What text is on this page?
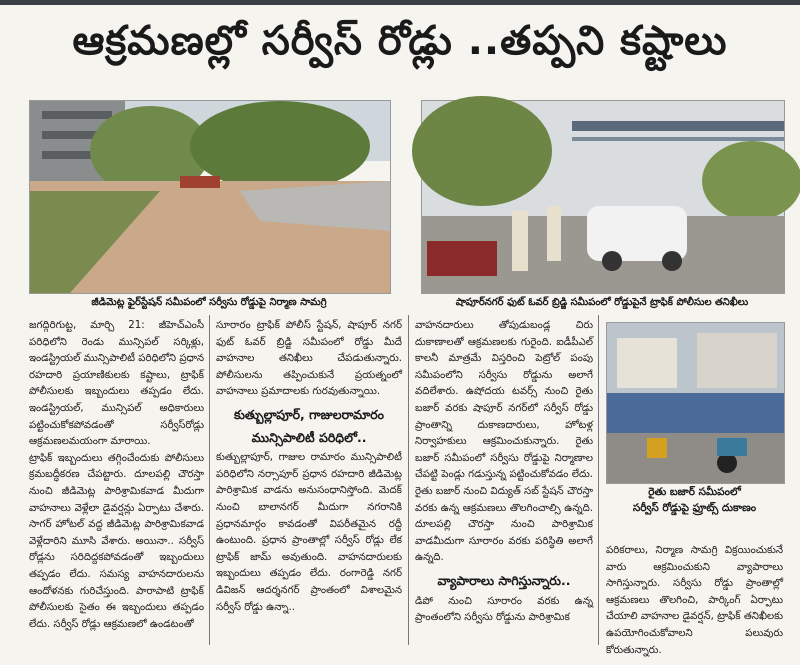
ఆక్రమణల్లో సర్వీస్ రోడ్లు ..తప్పని కష్టాలు
జీడిమెట్ల ఫైర్‌స్టేషన్ సమీపంలో సర్వీసు రోడ్డుపై నిర్మాణ సామగ్రి	షాపూర్‌నగర్ ఫుట్ ఓవర్ బ్రిడ్జి సమీపంలో రోడ్డుపైనే ట్రాఫిక్ పోలీసుల తనిఖీలు

జగద్గిరిగుట్ట, మార్చి 21: జీహెచ్ఎంసీ పరిధిలోని రెండు మున్సిపల్ సర్కిళ్లు, ఇండస్ట్రియల్ మున్సిపాలిటీ పరిధిలోని ప్రధాన రహదారి ప్రయాణికులకు కష్టాలు, ట్రాఫిక్ పోలీసులకు ఇబ్బందులు తప్పడం లేదు. ఇండస్ట్రియల్, మున్సిపల్ అధికారులు పట్టించుకోకపోవడంతో సర్వీస్‌రోడ్లు ఆక్రమణలమయంగా మారాయి.

ట్రాఫిక్ ఇబ్బందులు తగ్గించేందుకు పోలీసులు క్రమబద్ధీకరణ చేపట్టారు. దూలపల్లి చౌరస్తా నుంచి జీడిమెట్ల పారిశ్రామికవాడ మీదుగా వాహనాలు వెళ్లేలా డైవర్షన్లు ఏర్పాటు చేశారు. సాగర్ హోటల్ వద్ద జీడిమెట్ల పారిశ్రామికవాడ వెళ్లేదారిని మూసి వేశారు. అయినా.. సర్వీస్ రోడ్లను సరిదిద్దకపోవడంతో ఇబ్బందులు తప్పడం లేదు. సమస్య వాహనదారులను ఆందోళనకు గురిచేస్తుంది. పారాపాటి ట్రాఫిక్ పోలీసులకు సైతం ఈ ఇబ్బందులు తప్పడం లేదు. సర్వీస్ రోడ్లు ఆక్రమణలో ఉండటంతో

సూరారం ట్రాఫిక్ పోలీస్ స్టేషన్, షాపూర్ నగర్ ఫుట్ ఓవర్ బ్రిడ్జి సమీపంలో రోడ్డు మీదే వాహనాల తనిఖీలు చేపడుతున్నారు. పోలీసులను తప్పించుకునే ప్రయత్నంలో వాహనాలు ప్రమాదాలకు గురవుతున్నాయి.

కుత్బుల్లాపూర్, గాజులరామారం
మున్సిపాలిటీ పరిధిలో..

కుత్బుల్లాపూర్, గాజుల రామారం మున్సిపాలిటీ పరిధిలోని నర్సాపూర్ ప్రధాన రహదారి జీడిమెట్ల పారిశ్రామిక వాడను అనుసంధానిస్తోంది. మెదక్ నుంచి బాలానగర్ మీదుగా నగరానికి ప్రధానమార్గం కావడంతో విపరీతమైన రద్దీ ఉంటుంది. ప్రధాన ప్రాంతాల్లో సర్వీస్ రోడ్లు లేక ట్రాఫిక్ జామ్ అవుతుంది. వాహనదారులకు ఇబ్బందులు తప్పడం లేదు. రంగారెడ్డి నగర్ డివిజన్ ఆదర్శనగర్ ప్రాంతంలో విశాలమైన సర్వీస్ రోడ్డు ఉన్నా..

వాహనదారులు తోపుడుబండ్ల చిరు దుకాణాలతో ఆక్రమణలకు గురైంది. ఐడీపీఎల్ కాలనీ మాత్రమే విస్తరించి పెట్రోల్ పంపు సమీపంలోని సర్వీసు రోడ్డును అలాగే వదిలేశారు. ఉషోదయ టవర్స్ నుంచి రైతు బజార్ వరకు షాపూర్ నగర్‌లో సర్వీస్ రోడ్డు ప్రాంతాన్ని దుకాణదారులు, హోటళ్ల నిర్వాహకులు ఆక్రమించుకున్నారు. రైతు బజార్ సమీపంలో సర్వీసు రోడ్డుపై నిర్మాణాల చేపట్టి పెండ్లు గడుస్తున్న పట్టించుకోవడం లేదు. రైతు బజార్ నుంచి విద్యుత్ సబ్ స్టేషన్ చౌరస్తా వరకు ఉన్న ఆక్రమణలు తొలగించాల్సి ఉన్నది. దూలపల్లి చౌరస్తా నుంచి పారిశ్రామిక వాడమీదుగా సూరారం వరకు పరిస్థితి అలాగే ఉన్నది.

వ్యాపారాలు సాగిస్తున్నారు..

డిపో నుంచి సూరారం వరకు ఉన్న ప్రాంతంలోని సర్వీసు రోడ్డును పారిశ్రామిక

రైతు బజార్ సమీపంలో
సర్వీస్ రోడ్డుపై ఫ్రూట్స్ దుకాణం

పరికరాలు, నిర్మాణ సామగ్రి విక్రయించుకునే వారు ఆక్రమించుకుని వ్యాపారాలు సాగిస్తున్నారు. సర్వీసు రోడ్డు ప్రాంతాల్లో ఆక్రమణలు తొలగించి, పార్కింగ్ ఏర్పాటు చేయాలి వాహనాల డైవర్షన్, ట్రాఫిక్ తనిఖీలకు ఉపయోగించుకోవాలని పలువురు కోరుతున్నారు.
